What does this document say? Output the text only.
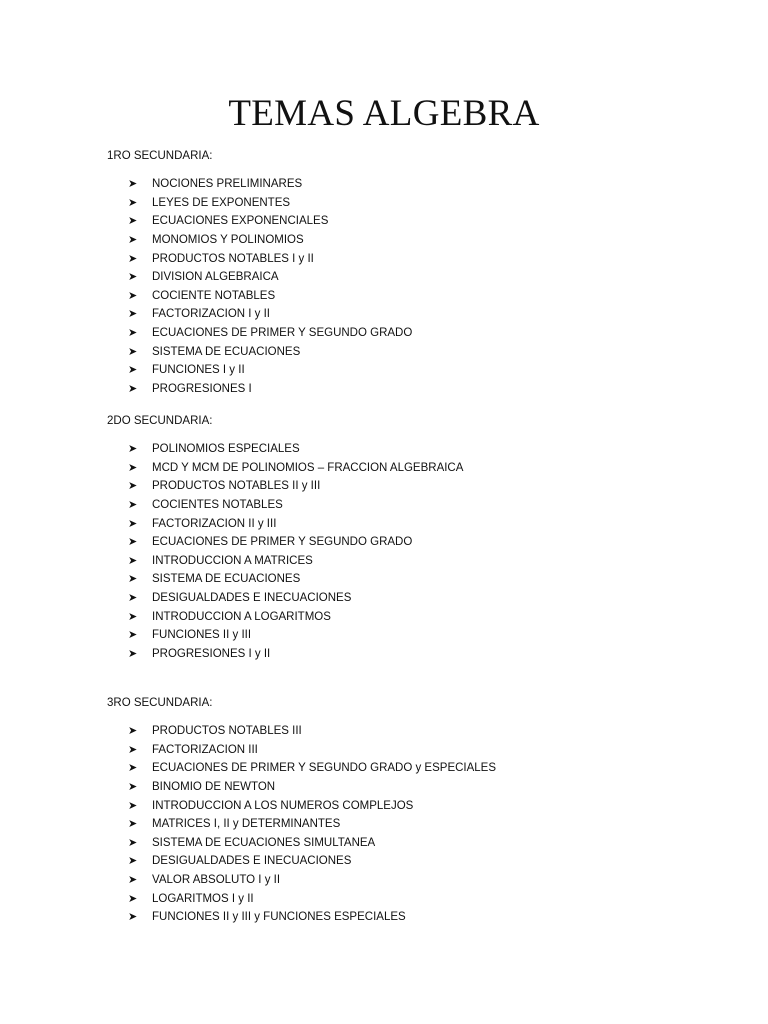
TEMAS ALGEBRA
1RO SECUNDARIA:
➤	NOCIONES PRELIMINARES
➤	LEYES DE EXPONENTES
➤	ECUACIONES EXPONENCIALES
➤	MONOMIOS Y POLINOMIOS
➤	PRODUCTOS NOTABLES I y II
➤	DIVISION ALGEBRAICA
➤	COCIENTE NOTABLES
➤	FACTORIZACION I y II
➤	ECUACIONES DE PRIMER Y SEGUNDO GRADO
➤	SISTEMA DE ECUACIONES
➤	FUNCIONES I y II
➤	PROGRESIONES I
2DO SECUNDARIA:
➤	POLINOMIOS ESPECIALES
➤	MCD Y MCM DE POLINOMIOS – FRACCION ALGEBRAICA
➤	PRODUCTOS NOTABLES II y III
➤	COCIENTES NOTABLES
➤	FACTORIZACION II y III
➤	ECUACIONES DE PRIMER Y SEGUNDO GRADO
➤	INTRODUCCION A MATRICES
➤	SISTEMA DE ECUACIONES
➤	DESIGUALDADES E INECUACIONES
➤	INTRODUCCION A LOGARITMOS
➤	FUNCIONES II y III
➤	PROGRESIONES I y II
3RO SECUNDARIA:
➤	PRODUCTOS NOTABLES III
➤	FACTORIZACION III
➤	ECUACIONES DE PRIMER Y SEGUNDO GRADO y ESPECIALES
➤	BINOMIO DE NEWTON
➤	INTRODUCCION A LOS NUMEROS COMPLEJOS
➤	MATRICES I, II y DETERMINANTES
➤	SISTEMA DE ECUACIONES SIMULTANEA
➤	DESIGUALDADES E INECUACIONES
➤	VALOR ABSOLUTO I y II
➤	LOGARITMOS I y II
➤	FUNCIONES II y III y FUNCIONES ESPECIALES
